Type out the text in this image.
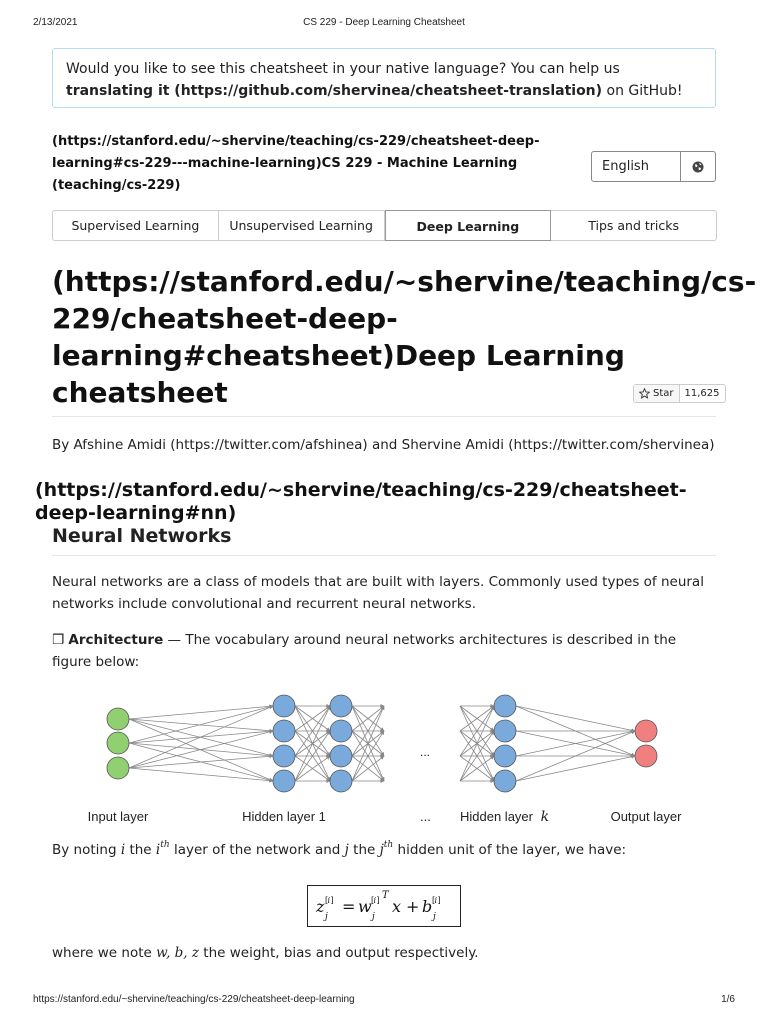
2/13/2021	CS 229 - Deep Learning Cheatsheet
Would you like to see this cheatsheet in your native language? You can help us translating it (https://github.com/shervinea/cheatsheet-translation) on GitHub!
(https://stanford.edu/~shervine/teaching/cs-229/cheatsheet-deep-learning#cs-229---machine-learning)CS 229 - Machine Learning (teaching/cs-229)
English
Supervised Learning	Unsupervised Learning	Deep Learning	Tips and tricks
(https://stanford.edu/~shervine/teaching/cs-229/cheatsheet-deep-learning#cheatsheet)Deep Learning cheatsheet	Star	11,625
By Afshine Amidi (https://twitter.com/afshinea) and Shervine Amidi (https://twitter.com/shervinea)
(https://stanford.edu/~shervine/teaching/cs-229/cheatsheet-deep-learning#nn)
Neural Networks
Neural networks are a class of models that are built with layers. Commonly used types of neural networks include convolutional and recurrent neural networks.
❒ Architecture — The vocabulary around neural networks architectures is described in the figure below:
...
Input layer	Hidden layer 1	... Hidden layer k	Output layer
By noting i the $i^{th}$ layer of the network and j the $j^{th}$ hidden unit of the layer, we have:
z [ i ]
j
= w [ i ] T
j
x + b [ i ]
j
where we note w, b, z the weight, bias and output respectively.
https://stanford.edu/~shervine/teaching/cs-229/cheatsheet-deep-learning	1/6
